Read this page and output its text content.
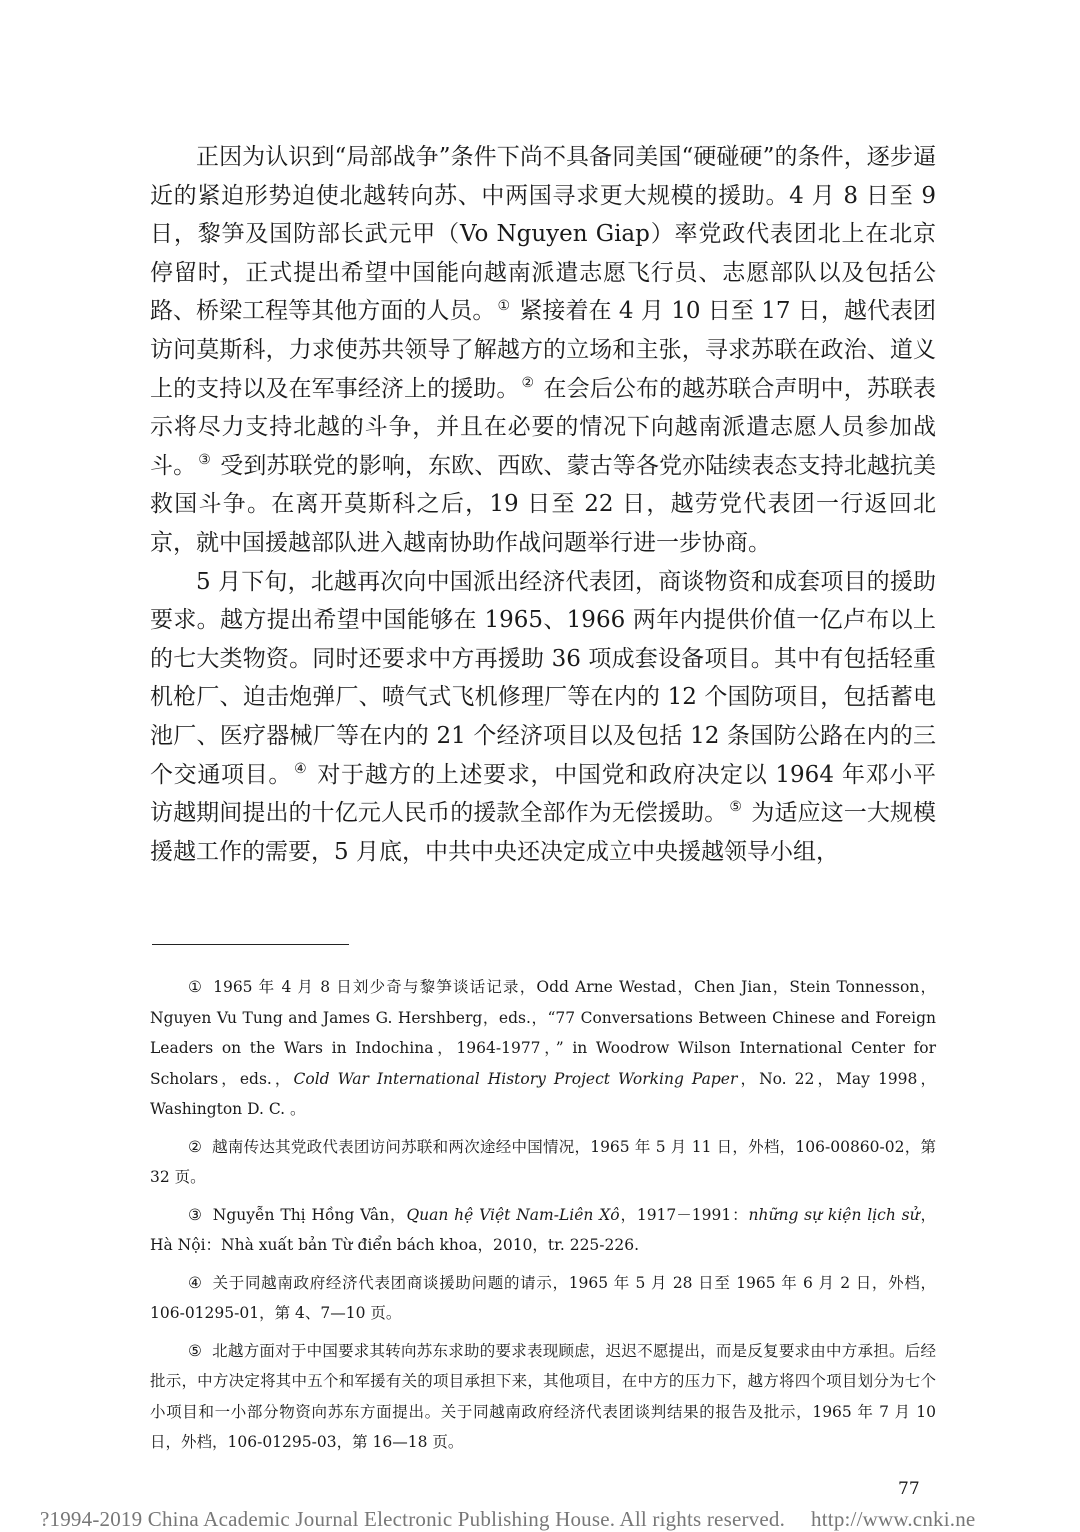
正因为认识到“局部战争”条件下尚不具备同美国“硬碰硬”的条件，逐步逼近的紧迫形势迫使北越转向苏、中两国寻求更大规模的援助。4 月 8 日至 9 日，黎笋及国防部长武元甲（Vo Nguyen Giap）率党政代表团北上在北京停留时，正式提出希望中国能向越南派遣志愿飞行员、志愿部队以及包括公路、桥梁工程等其他方面的人员。 ① 紧接着在 4 月 10 日至 17 日，越代表团访问莫斯科，力求使苏共领导了解越方的立场和主张，寻求苏联在政治、道义上的支持以及在军事经济上的援助。 ② 在会后公布的越苏联合声明中，苏联表示将尽力支持北越的斗争，并且在必要的情况下向越南派遣志愿人员参加战斗。 ③ 受到苏联党的影响，东欧、西欧、蒙古等各党亦陆续表态支持北越抗美救国斗争。在离开莫斯科之后，19 日至 22 日，越劳党代表团一行返回北京，就中国援越部队进入越南协助作战问题举行进一步协商。

5 月下旬，北越再次向中国派出经济代表团，商谈物资和成套项目的援助要求。越方提出希望中国能够在 1965、1966 两年内提供价值一亿卢布以上的七大类物资。同时还要求中方再援助 36 项成套设备项目。其中有包括轻重机枪厂、迫击炮弹厂、喷气式飞机修理厂等在内的 12 个国防项目，包括蓄电池厂、医疗器械厂等在内的 21 个经济项目以及包括 12 条国防公路在内的三个交通项目。 ④ 对于越方的上述要求，中国党和政府决定以 1964 年邓小平访越期间提出的十亿元人民币的援款全部作为无偿援助。 ⑤ 为适应这一大规模援越工作的需要，5 月底，中共中央还决定成立中央援越领导小组，

① 1965 年 4 月 8 日刘少奇与黎笋谈话记录，Odd Arne Westad，Chen Jian，Stein Tonnesson，Nguyen Vu Tung and James G. Hershberg，eds.，“77 Conversations Between Chinese and Foreign Leaders on the Wars in Indochina，1964-1977，” in Woodrow Wilson International Center for Scholars，eds.，Cold War International History Project Working Paper，No. 22，May 1998，Washington D. C. 。

② 越南传达其党政代表团访问苏联和两次途经中国情况，1965 年 5 月 11 日，外档，106-00860-02，第 32 页。

③ Nguyễn Thị Hồng Vân，Quan hệ Việt Nam-Liên Xô，1917－1991：những sự kiện lịch sử，Hà Nội：Nhà xuất bản Từ điển bách khoa，2010，tr. 225-226.

④ 关于同越南政府经济代表团商谈援助问题的请示，1965 年 5 月 28 日至 1965 年 6 月 2 日，外档，106-01295-01，第 4、7—10 页。

⑤ 北越方面对于中国要求其转向苏东求助的要求表现顾虑，迟迟不愿提出，而是反复要求由中方承担。后经批示，中方决定将其中五个和军援有关的项目承担下来，其他项目，在中方的压力下，越方将四个项目划分为七个小项目和一小部分物资向苏东方面提出。关于同越南政府经济代表团谈判结果的报告及批示，1965 年 7 月 10 日，外档，106-01295-03，第 16—18 页。

77
?1994-2019 China Academic Journal Electronic Publishing House. All rights reserved. http://www.cnki.ne
